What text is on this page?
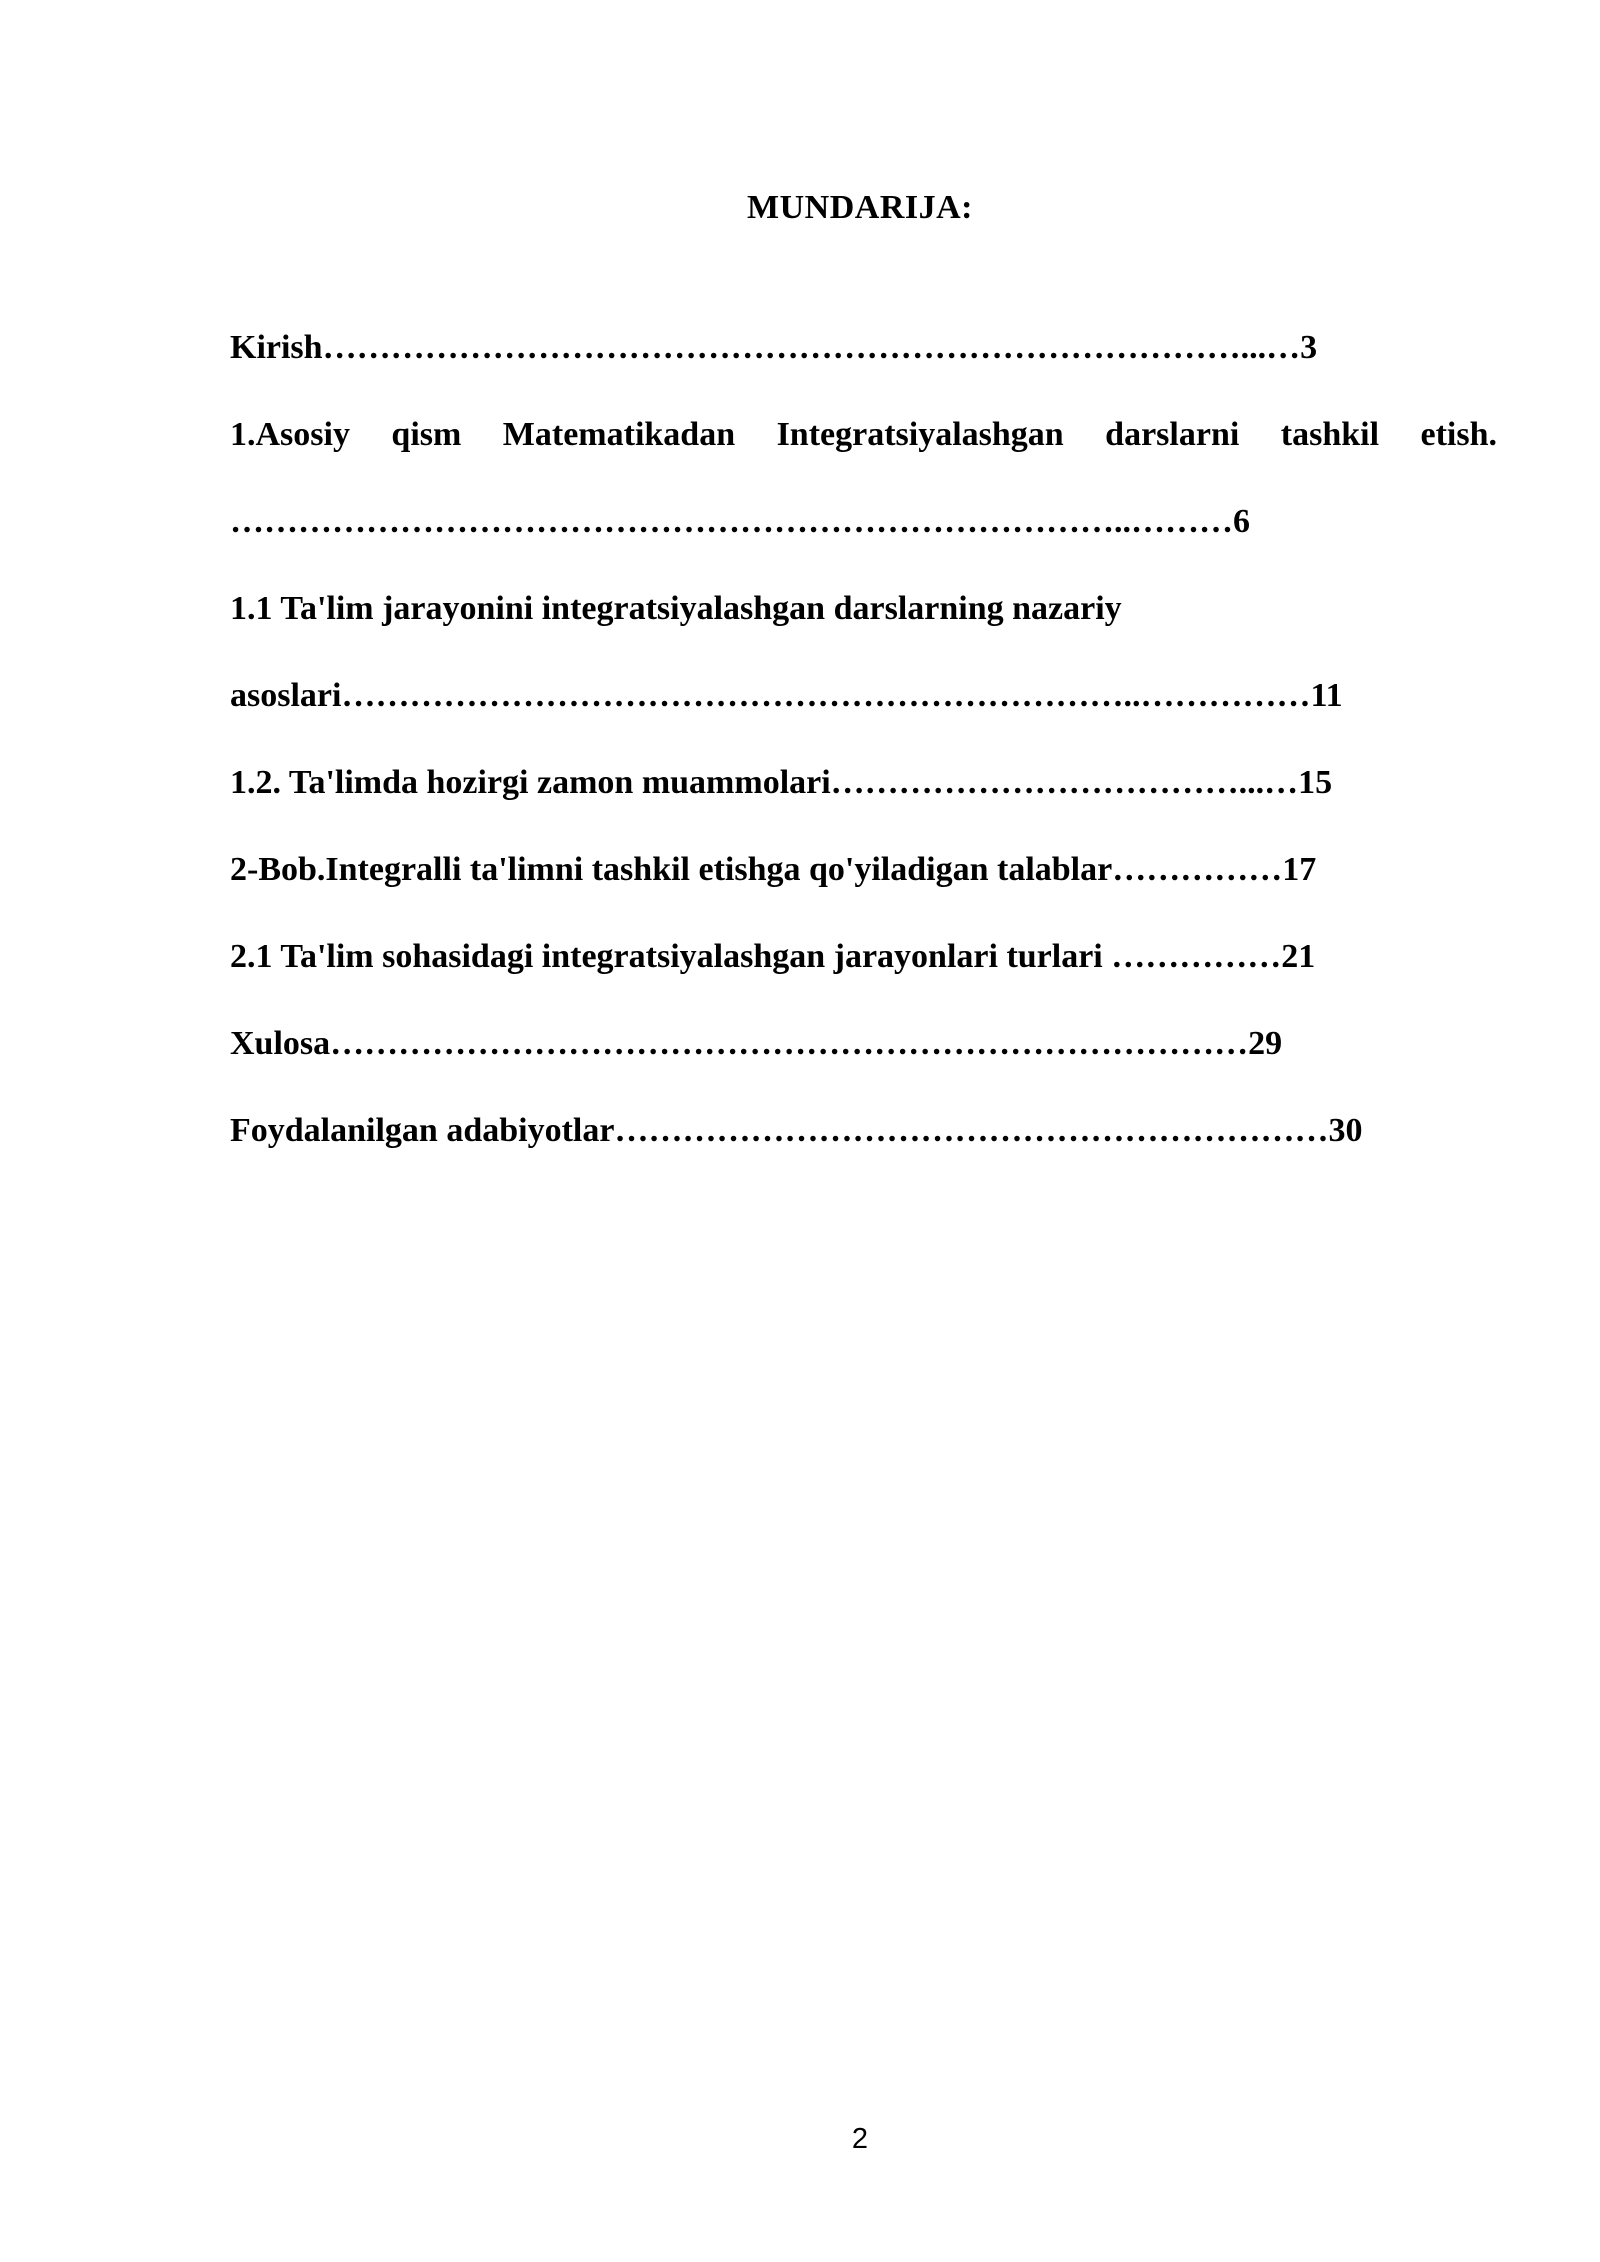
MUNDARIJA:
Kirish………………………………………………………………………...…3
1.Asosiy qism Matematikadan Integratsiyalashgan darslarni tashkil etish.
……………………………………………………………………..………6
1.1 Ta'lim jarayonini integratsiyalashgan darslarning nazariy
asoslari……………………………………………………………..……………11
1.2. Ta'limda hozirgi zamon muammolari………………………………...…15
2-Bob.Integralli ta'limni tashkil etishga qo'yiladigan talablar……………17
2.1 Ta'lim sohasidagi integratsiyalashgan jarayonlari turlari ……………21
Xulosa………………………………………………………………………29
Foydalanilgan adabiyotlar………………………………………………………30
2
